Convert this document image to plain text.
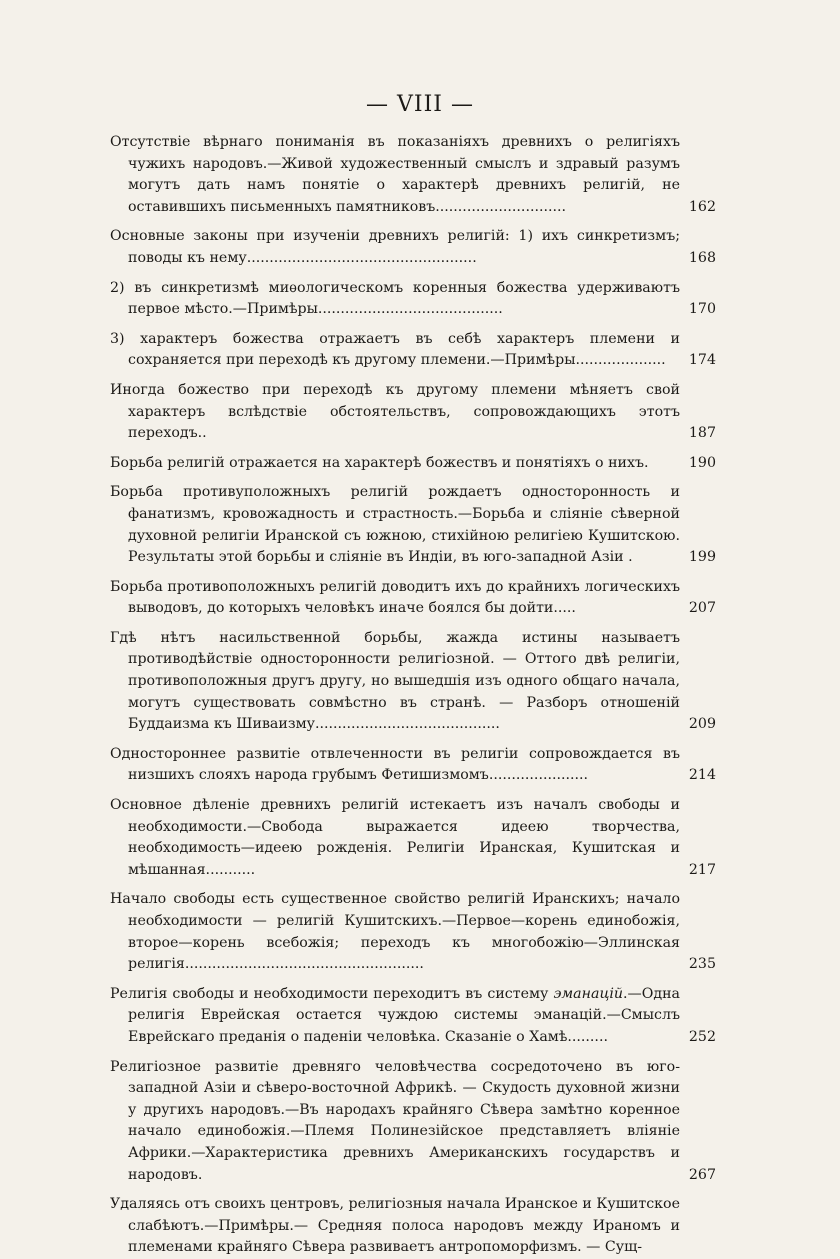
— VIII —
Отсутствіе вѣрнаго пониманія въ показаніяхъ древнихъ о религіяхъ чужихъ народовъ.—Живой художественный смыслъ и здравый разумъ могутъ дать намъ понятіе о характерѣ древнихъ религій, не оставившихъ письменныхъ памятниковъ.............................	162
Основные законы при изученіи древнихъ религій: 1) ихъ синкретизмъ; поводы къ нему...................................................	168
2) въ синкретизмѣ миѳологическомъ коренныя божества удерживаютъ первое мѣсто.—Примѣры.........................................	170
3) характеръ божества отражаетъ въ себѣ характеръ племени и сохраняется при переходѣ къ другому племени.—Примѣры....................	174
Иногда божество при переходѣ къ другому племени мѣняетъ свой характеръ вслѣдствіе обстоятельствъ, сопровождающихъ этотъ переходъ..	187
Борьба религій отражается на характерѣ божествъ и понятіяхъ о нихъ.	190
Борьба противуположныхъ религій рождаетъ односторонность и фанатизмъ, кровожадность и страстность.—Борьба и сліяніе сѣверной духовной религіи Иранской съ южною, стихійною религіею Кушитскою. Результаты этой борьбы и сліяніе въ Индіи, въ юго-западной Азіи .	199
Борьба противоположныхъ религій доводитъ ихъ до крайнихъ логическихъ выводовъ, до которыхъ человѣкъ иначе боялся бы дойти.....	207
Гдѣ нѣтъ насильственной борьбы, жажда истины называетъ противодѣйствіе односторонности религіозной. — Оттого двѣ религіи, противоположныя другъ другу, но вышедшія изъ одного общаго начала, могутъ существовать совмѣстно въ странѣ. — Разборъ отношеній Буддаизма къ Шиваизму.........................................	209
Одностороннее развитіе отвлеченности въ религіи сопровождается въ низшихъ слояхъ народа грубымъ Фетишизмомъ......................	214
Основное дѣленіе древнихъ религій истекаетъ изъ началъ свободы и необходимости.—Свобода выражается идеею творчества, необходимость—идеею рожденія. Религіи Иранская, Кушитская и мѣшанная...........	217
Начало свободы есть существенное свойство религій Иранскихъ; начало необходимости — религій Кушитскихъ.—Первое—корень единобожія, второе—корень всебожія; переходъ къ многобожію—Эллинская религія.....................................................	235
Религія свободы и необходимости переходитъ въ систему эманацій.—Одна религія Еврейская остается чуждою системы эманацій.—Смыслъ Еврейскаго преданія о паденіи человѣка. Сказаніе о Хамѣ.........	252
Религіозное развитіе древняго человѣчества сосредоточено въ юго-западной Азіи и сѣверо-восточной Африкѣ. — Скудость духовной жизни у другихъ народовъ.—Въ народахъ крайняго Сѣвера замѣтно коренное начало единобожія.—Племя Полинезійское представляетъ вліяніе Африки.—Характеристика древнихъ Американскихъ государствъ и народовъ.	267
Удаляясь отъ своихъ центровъ, религіозныя начала Иранское и Кушитское слабѣютъ.—Примѣры.— Средняя полоса народовъ между Ираномъ и племенами крайняго Сѣвера развиваетъ антропоморфизмъ. — Сущ-
